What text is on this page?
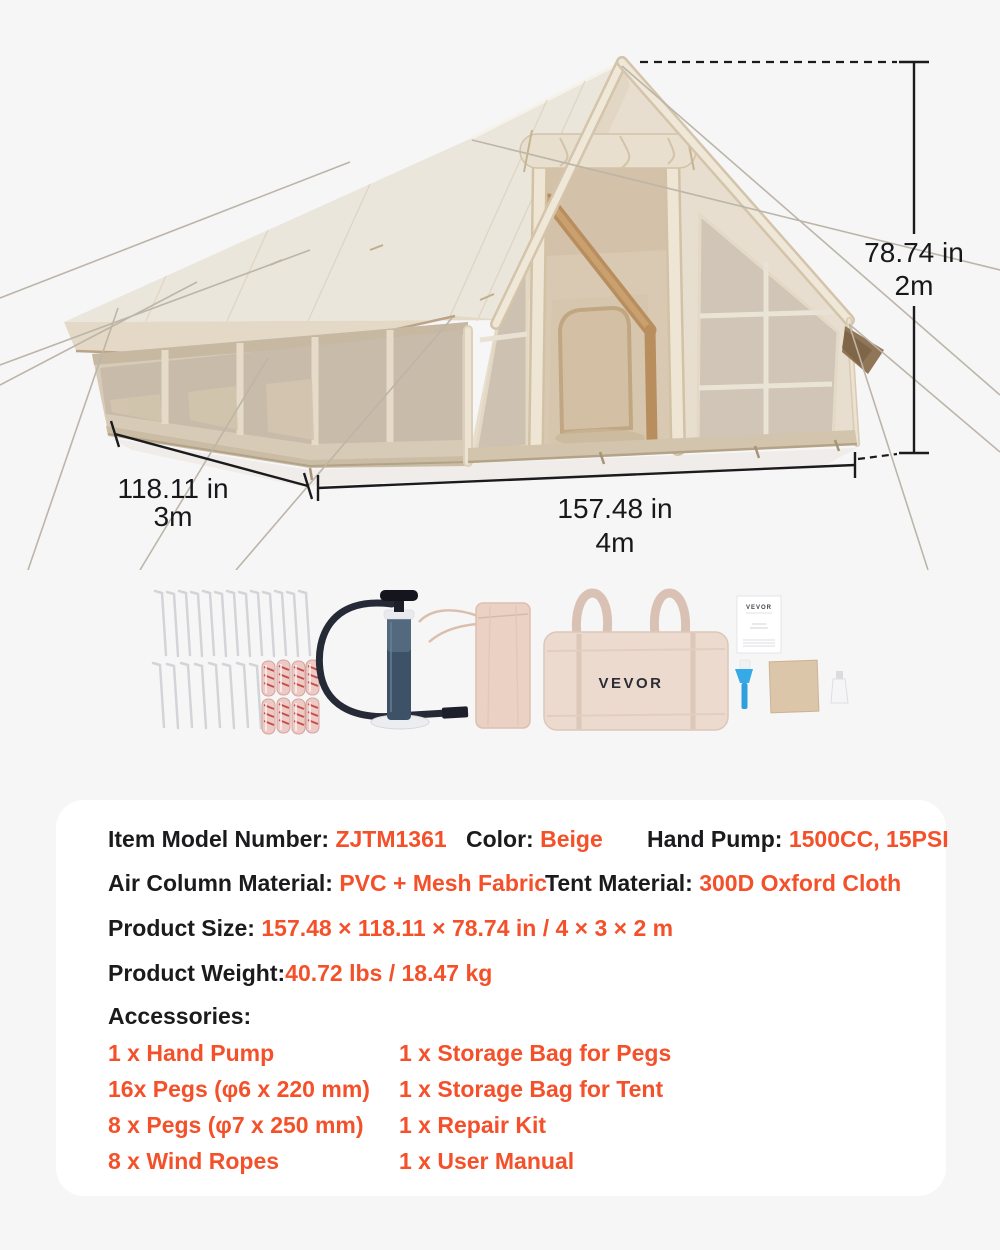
78.74 in
2m
118.11 in
3m	157.48 in
4m
VEVOR
VEVOR
Item Model Number: ZJTM1361 Color: Beige Hand Pump: 1500CC, 15PSI
Air Column Material: PVC + Mesh Fabric
Tent Material: 300D Oxford Cloth
Product Size: 157.48 × 118.11 × 78.74 in / 4 × 3 × 2 m
Product Weight:40.72 lbs / 18.47 kg
Accessories:
1 x Hand Pump
16x Pegs (φ6 x 220 mm)
8 x Pegs (φ7 x 250 mm)
8 x Wind Ropes
1 x Storage Bag for Pegs
1 x Storage Bag for Tent
1 x Repair Kit
1 x User Manual
